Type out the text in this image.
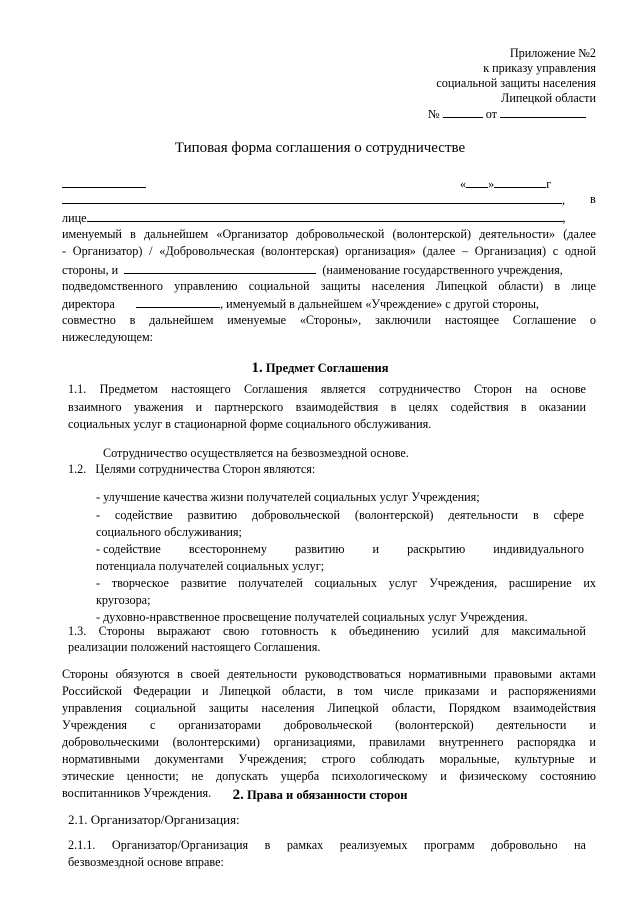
Приложение №2
к приказу управления
социальной защиты населения
Липецкой области
№	от
Типовая форма соглашения о сотрудничестве
« »	г
, в
лице	,
именуемый в дальнейшем «Организатор добровольческой (волонтерской) деятельности» (далее
- Организатор) / «Добровольческая (волонтерская) организация» (далее – Организация) с одной
стороны, и	(наименование государственного учреждения,
подведомственного управлению социальной защиты населения Липецкой области) в лице
директора	, именуемый в дальнейшем «Учреждение» с другой стороны,
совместно в дальнейшем именуемые «Стороны», заключили настоящее Соглашение о
нижеследующем:
1. Предмет Соглашения
1.1. Предметом настоящего Соглашения является сотрудничество Сторон на основе
взаимного уважения и партнерского взаимодействия в целях содействия в оказании
социальных услуг в стационарной форме социального обслуживания.
Сотрудничество осуществляется на безвозмездной основе.
1.2.   Целями сотрудничества Сторон являются:
- улучшение качества жизни получателей социальных услуг Учреждения;
- содействие развитию добровольческой (волонтерской) деятельности в сфере
социального обслуживания;
- содействие всестороннему развитию и раскрытию индивидуального
потенциала получателей социальных услуг;
- творческое развитие получателей социальных услуг Учреждения, расширение их
кругозора;
- духовно-нравственное просвещение получателей социальных услуг Учреждения.
1.3. Стороны выражают свою готовность к объединению усилий для максимальной
реализации положений настоящего Соглашения.
Стороны обязуются в своей деятельности руководствоваться нормативными правовыми актами
Российской Федерации и Липецкой области, в том числе приказами и распоряжениями
управления социальной защиты населения Липецкой области, Порядком взаимодействия
Учреждения с организаторами добровольческой (волонтерской) деятельности и
добровольческими (волонтерскими) организациями, правилами внутреннего распорядка и
нормативными документами Учреждения; строго соблюдать моральные, культурные и
этические ценности; не допускать ущерба психологическому и физическому состоянию
воспитанников Учреждения.	2. Права и обязанности сторон
2.1. Организатор/Организация:
2.1.1. Организатор/Организация в рамках реализуемых программ добровольно на
безвозмездной основе вправе:
